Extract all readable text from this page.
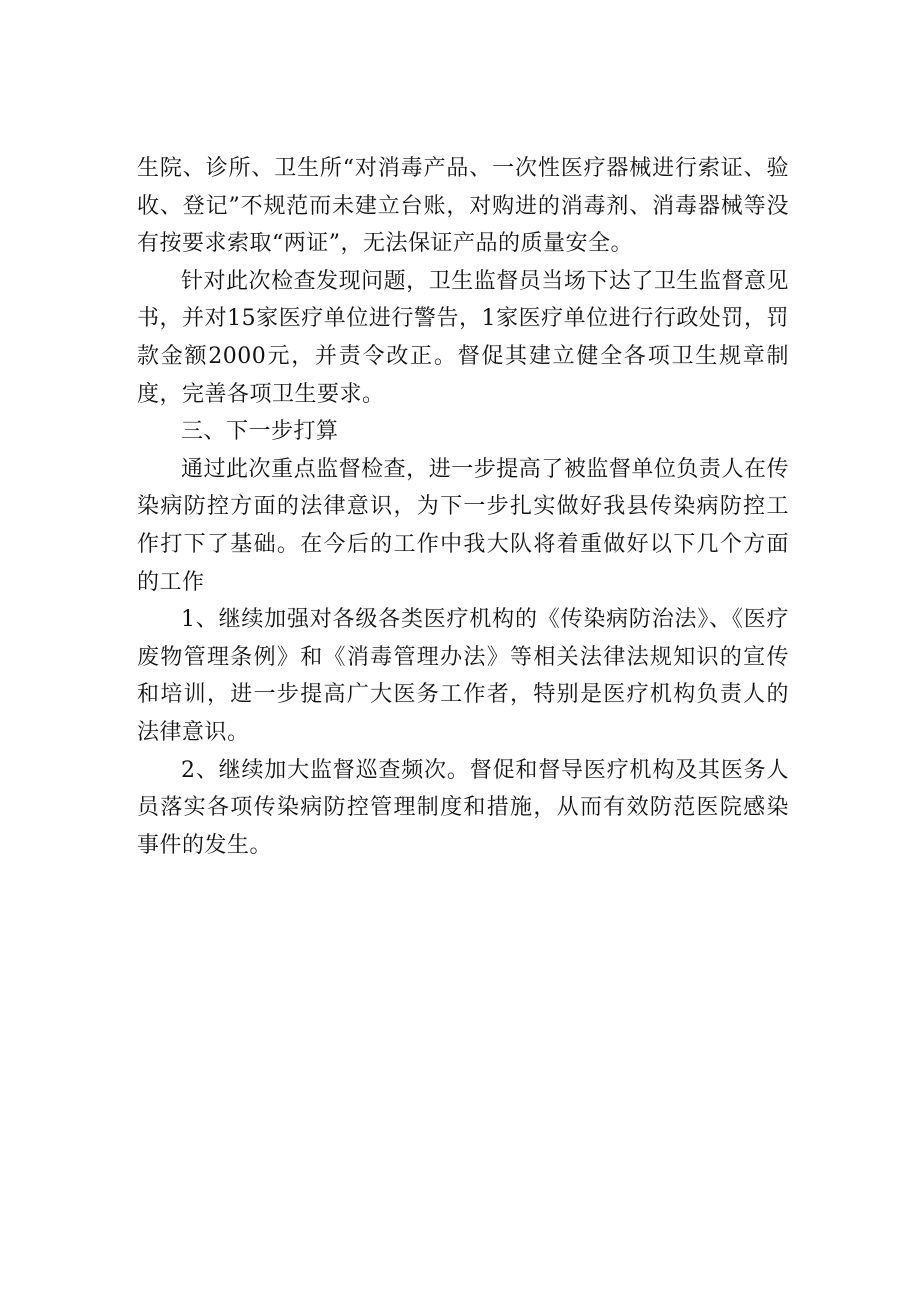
生院、诊所、卫生所“对消毒产品、一次性医疗器械进行索证、验收、登记”不规范而未建立台账，对购进的消毒剂、消毒器械等没有按要求索取“两证”，无法保证产品的质量安全。

针对此次检查发现问题，卫生监督员当场下达了卫生监督意见书，并对15家医疗单位进行警告，1家医疗单位进行行政处罚，罚款金额2000元，并责令改正。督促其建立健全各项卫生规章制度，完善各项卫生要求。

三、下一步打算

通过此次重点监督检查，进一步提高了被监督单位负责人在传染病防控方面的法律意识，为下一步扎实做好我县传染病防控工作打下了基础。在今后的工作中我大队将着重做好以下几个方面的工作

1、继续加强对各级各类医疗机构的《传染病防治法》、《医疗废物管理条例》和《消毒管理办法》等相关法律法规知识的宣传和培训，进一步提高广大医务工作者，特别是医疗机构负责人的法律意识。

2、继续加大监督巡查频次。督促和督导医疗机构及其医务人员落实各项传染病防控管理制度和措施，从而有效防范医院感染事件的发生。
